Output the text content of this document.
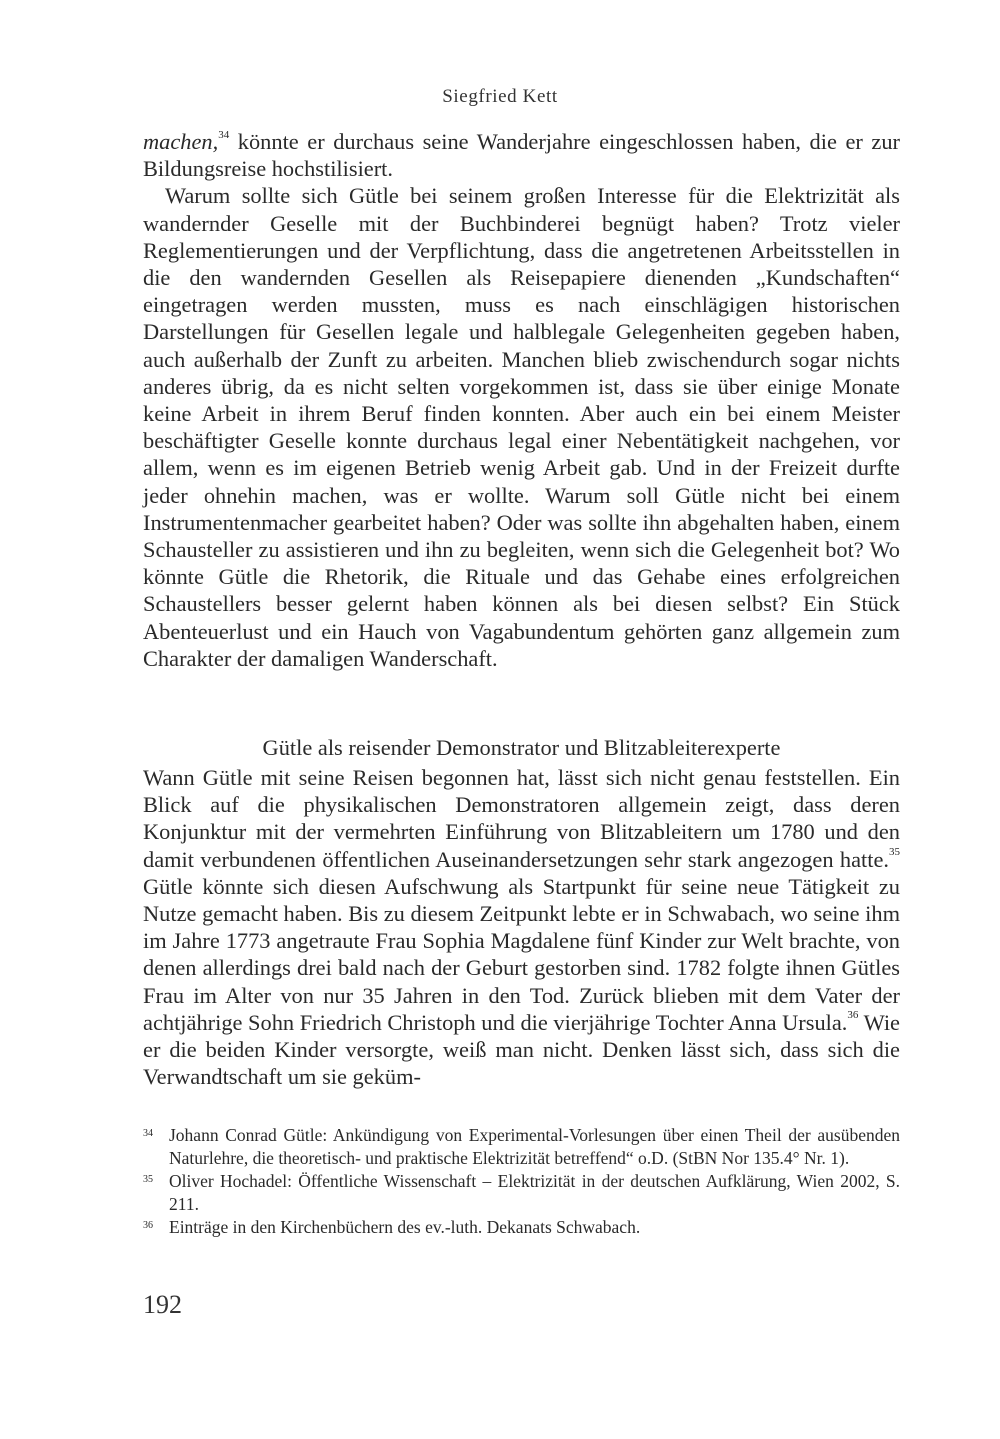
Siegfried Kett

machen,$^{34}$ könnte er durchaus seine Wanderjahre eingeschlossen haben, die er zur Bildungsreise hochstilisiert.

Warum sollte sich Gütle bei seinem großen Interesse für die Elektrizität als wandernder Geselle mit der Buchbinderei begnügt haben? Trotz vieler Reglementierungen und der Verpflichtung, dass die angetretenen Arbeitsstellen in die den wandernden Gesellen als Reisepapiere dienenden „Kundschaften“ eingetragen werden mussten, muss es nach einschlägigen historischen Darstellungen für Gesellen legale und halblegale Gelegenheiten gegeben haben, auch außerhalb der Zunft zu arbeiten. Manchen blieb zwischendurch sogar nichts anderes übrig, da es nicht selten vorgekommen ist, dass sie über einige Monate keine Arbeit in ihrem Beruf finden konnten. Aber auch ein bei einem Meister beschäftigter Geselle konnte durchaus legal einer Nebentätigkeit nachgehen, vor allem, wenn es im eigenen Betrieb wenig Arbeit gab. Und in der Freizeit durfte jeder ohnehin machen, was er wollte. Warum soll Gütle nicht bei einem Instrumentenmacher gearbeitet haben? Oder was sollte ihn abgehalten haben, einem Schausteller zu assistieren und ihn zu begleiten, wenn sich die Gelegenheit bot? Wo könnte Gütle die Rhetorik, die Rituale und das Gehabe eines erfolgreichen Schaustellers besser gelernt haben können als bei diesen selbst? Ein Stück Abenteuerlust und ein Hauch von Vagabundentum gehörten ganz allgemein zum Charakter der damaligen Wanderschaft.

Gütle als reisender Demonstrator und Blitzableiterexperte

Wann Gütle mit seine Reisen begonnen hat, lässt sich nicht genau feststellen. Ein Blick auf die physikalischen Demonstratoren allgemein zeigt, dass deren Konjunktur mit der vermehrten Einführung von Blitzableitern um 1780 und den damit verbundenen öffentlichen Auseinandersetzungen sehr stark angezogen hatte.$^{35}$ Gütle könnte sich diesen Aufschwung als Startpunkt für seine neue Tätigkeit zu Nutze gemacht haben. Bis zu diesem Zeitpunkt lebte er in Schwabach, wo seine ihm im Jahre 1773 angetraute Frau Sophia Magdalene fünf Kinder zur Welt brachte, von denen allerdings drei bald nach der Geburt gestorben sind. 1782 folgte ihnen Gütles Frau im Alter von nur 35 Jahren in den Tod. Zurück blieben mit dem Vater der achtjährige Sohn Friedrich Christoph und die vierjährige Tochter Anna Ursula.$^{36}$ Wie er die beiden Kinder versorgte, weiß man nicht. Denken lässt sich, dass sich die Verwandtschaft um sie geküm-

34 Johann Conrad Gütle: Ankündigung von Experimental-Vorlesungen über einen Theil der ausübenden Naturlehre, die theoretisch- und praktische Elektrizität betreffend“ o.D. (StBN Nor 135.4° Nr. 1).
35 Oliver Hochadel: Öffentliche Wissenschaft – Elektrizität in der deutschen Aufklärung, Wien 2002, S. 211.
36 Einträge in den Kirchenbüchern des ev.-luth. Dekanats Schwabach.
192
